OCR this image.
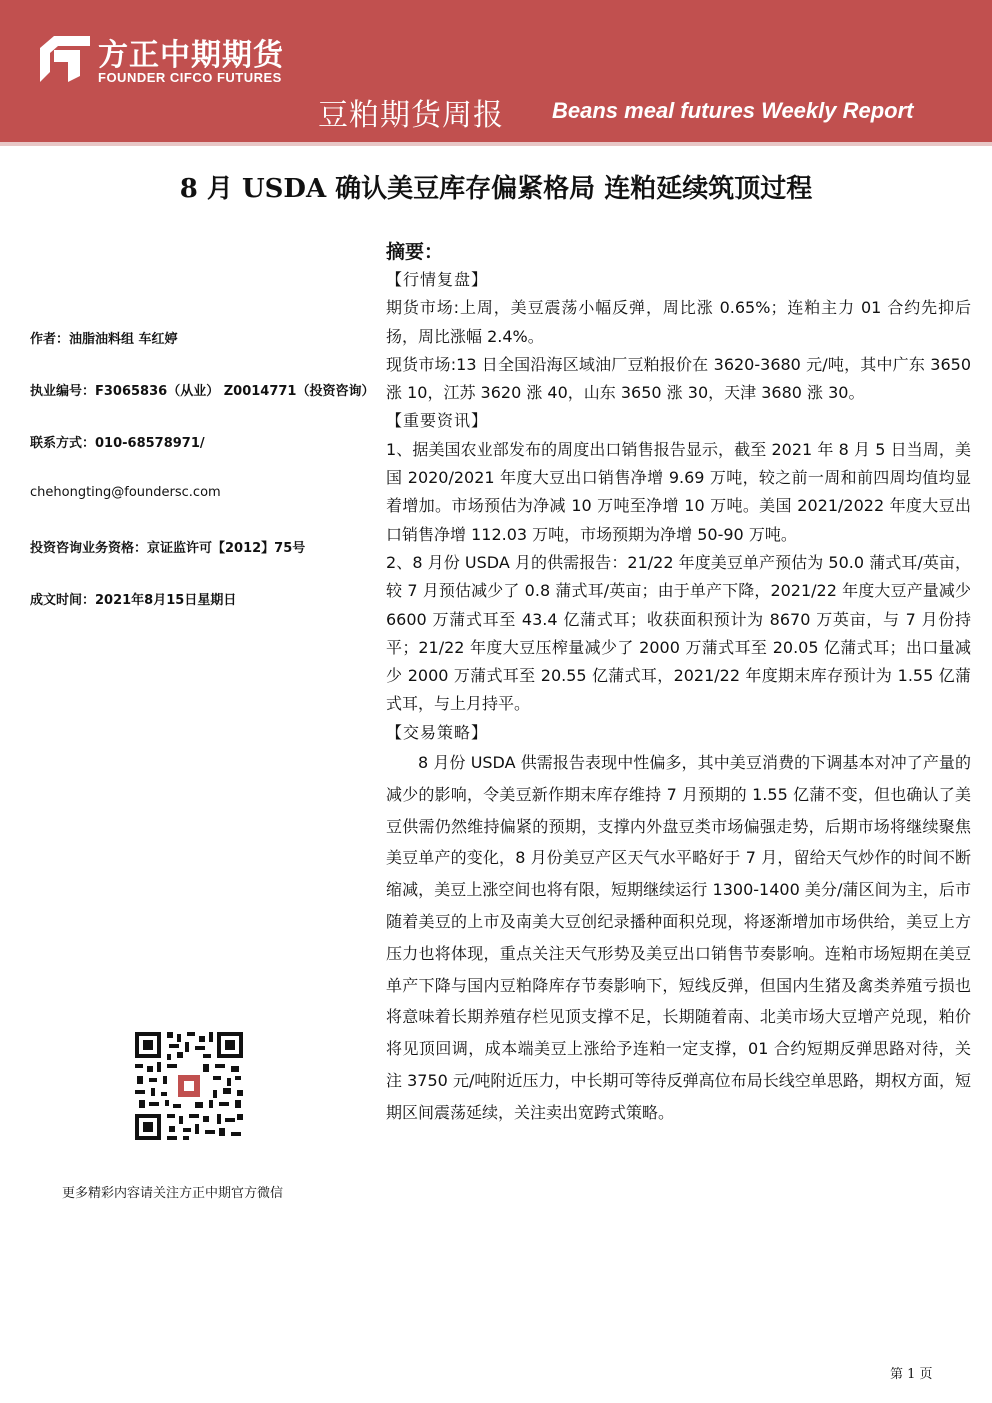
方正中期期货
FOUNDER CIFCO FUTURES
豆粕期货周报 Beans meal futures Weekly Report
8 月 USDA 确认美豆库存偏紧格局 连粕延续筑顶过程
作者：油脂油料组 车红婷
执业编号：F3065836（从业） Z0014771（投资咨询）
联系方式：010-68578971/
chehongting@foundersc.com
投资咨询业务资格：京证监许可【2012】75号
成文时间：2021年8月15日星期日
更多精彩内容请关注方正中期官方微信
摘要：

【行情复盘】

期货市场:上周，美豆震荡小幅反弹，周比涨 0.65%；连粕主力 01 合约先抑后扬，周比涨幅 2.4%。

现货市场:13 日全国沿海区域油厂豆粕报价在 3620-3680 元/吨，其中广东 3650 涨 10，江苏 3620 涨 40，山东 3650 涨 30，天津 3680 涨 30。

【重要资讯】

1、据美国农业部发布的周度出口销售报告显示，截至 2021 年 8 月 5 日当周，美国 2020/2021 年度大豆出口销售净增 9.69 万吨，较之前一周和前四周均值均显着增加。市场预估为净减 10 万吨至净增 10 万吨。美国 2021/2022 年度大豆出口销售净增 112.03 万吨，市场预期为净增 50-90 万吨。

2、8 月份 USDA 月的供需报告：21/22 年度美豆单产预估为 50.0 蒲式耳/英亩，较 7 月预估减少了 0.8 蒲式耳/英亩；由于单产下降，2021/22 年度大豆产量减少 6600 万蒲式耳至 43.4 亿蒲式耳；收获面积预计为 8670 万英亩，与 7 月份持平；21/22 年度大豆压榨量减少了 2000 万蒲式耳至 20.05 亿蒲式耳；出口量减少 2000 万蒲式耳至 20.55 亿蒲式耳，2021/22 年度期末库存预计为 1.55 亿蒲式耳，与上月持平。

【交易策略】

8 月份 USDA 供需报告表现中性偏多，其中美豆消费的下调基本对冲了产量的减少的影响，令美豆新作期末库存维持 7 月预期的 1.55 亿蒲不变，但也确认了美豆供需仍然维持偏紧的预期，支撑内外盘豆类市场偏强走势，后期市场将继续聚焦美豆单产的变化，8 月份美豆产区天气水平略好于 7 月，留给天气炒作的时间不断缩减，美豆上涨空间也将有限，短期继续运行 1300-1400 美分/蒲区间为主，后市随着美豆的上市及南美大豆创纪录播种面积兑现，将逐渐增加市场供给，美豆上方压力也将体现，重点关注天气形势及美豆出口销售节奏影响。连粕市场短期在美豆单产下降与国内豆粕降库存节奏影响下，短线反弹，但国内生猪及禽类养殖亏损也将意味着长期养殖存栏见顶支撑不足，长期随着南、北美市场大豆增产兑现，粕价将见顶回调，成本端美豆上涨给予连粕一定支撑，01 合约短期反弹思路对待，关注 3750 元/吨附近压力，中长期可等待反弹高位布局长线空单思路，期权方面，短期区间震荡延续，关注卖出宽跨式策略。

第 1 页
